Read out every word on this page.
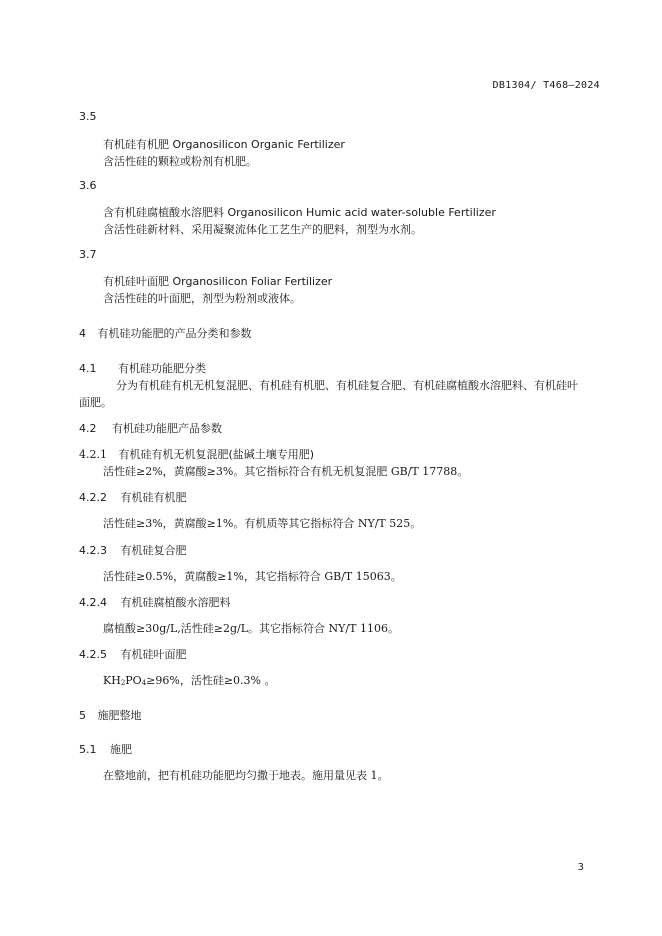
DB1304/ T468—2024
3.5
有机硅有机肥 Organosilicon Organic Fertilizer
含活性硅的颗粒或粉剂有机肥。
3.6
含有机硅腐植酸水溶肥料 Organosilicon Humic acid water-soluble Fertilizer
含活性硅新材料、采用凝聚流体化工艺生产的肥料，剂型为水剂。
3.7
有机硅叶面肥 Organosilicon Foliar Fertilizer
含活性硅的叶面肥，剂型为粉剂或液体。
4 有机硅功能肥的产品分类和参数
4.1 有机硅功能肥分类
分为有机硅有机无机复混肥、有机硅有机肥、有机硅复合肥、有机硅腐植酸水溶肥料、有机硅叶
面肥。
4.2 有机硅功能肥产品参数
4.2.1 有机硅有机无机复混肥(盐碱土壤专用肥)
活性硅≥2%，黄腐酸≥3%。其它指标符合有机无机复混肥 GB/T 17788。
4.2.2 有机硅有机肥
活性硅≥3%，黄腐酸≥1%。有机质等其它指标符合 NY/T 525。
4.2.3 有机硅复合肥
活性硅≥0.5%，黄腐酸≥1%，其它指标符合 GB/T 15063。
4.2.4 有机硅腐植酸水溶肥料
腐植酸≥30g/L,活性硅≥2g/L。其它指标符合 NY/T 1106。
4.2.5 有机硅叶面肥
$KH_2PO_4\ge 96\%$，活性硅≥0.3% 。
5 施肥整地
5.1 施肥
在整地前，把有机硅功能肥均匀撒于地表。施用量见表 1。
3
